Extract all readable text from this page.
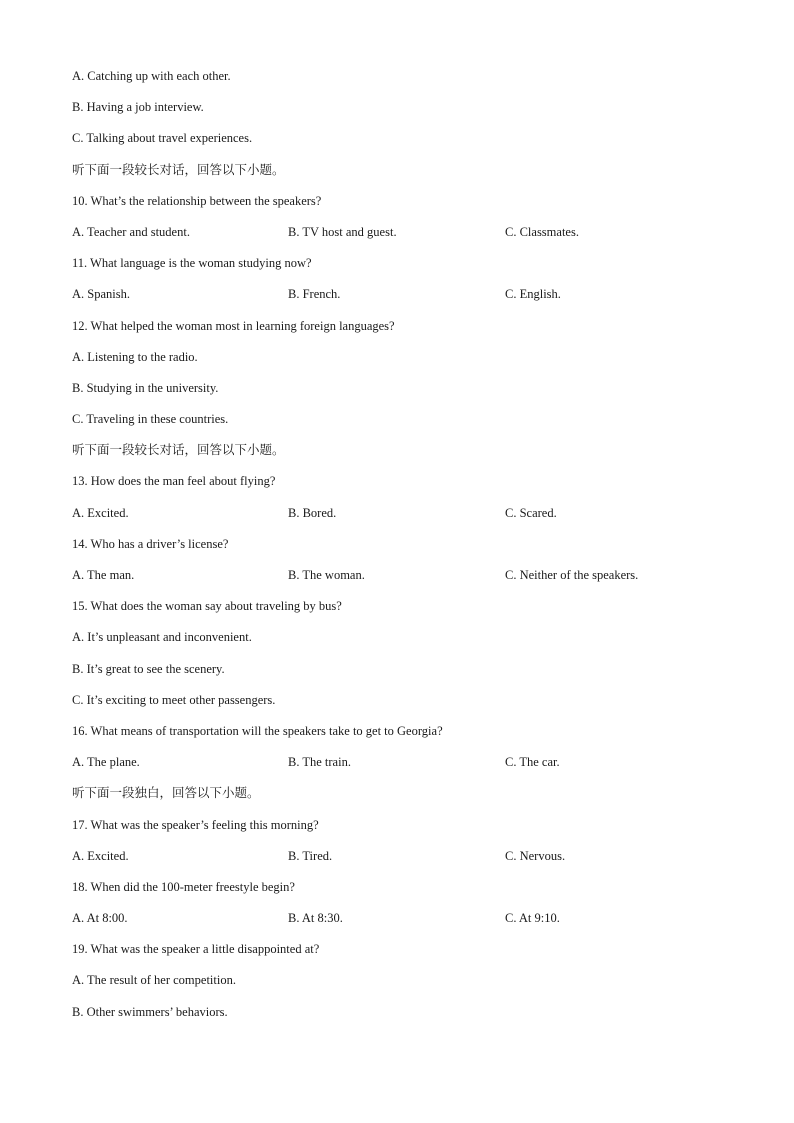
A. Catching up with each other.
B. Having a job interview.
C. Talking about travel experiences.
听下面一段较长对话，回答以下小题。
10. What’s the relationship between the speakers?
A. Teacher and student.	B. TV host and guest.	C. Classmates.
11. What language is the woman studying now?
A. Spanish.	B. French.	C. English.
12. What helped the woman most in learning foreign languages?
A. Listening to the radio.
B. Studying in the university.
C. Traveling in these countries.
听下面一段较长对话，回答以下小题。
13. How does the man feel about flying?
A. Excited.	B. Bored.	C. Scared.
14. Who has a driver’s license?
A. The man.	B. The woman.	C. Neither of the speakers.
15. What does the woman say about traveling by bus?
A. It’s unpleasant and inconvenient.
B. It’s great to see the scenery.
C. It’s exciting to meet other passengers.
16. What means of transportation will the speakers take to get to Georgia?
A. The plane.	B. The train.	C. The car.
听下面一段独白，回答以下小题。
17. What was the speaker’s feeling this morning?
A. Excited.	B. Tired.	C. Nervous.
18. When did the 100-meter freestyle begin?
A. At 8:00.	B. At 8:30.	C. At 9:10.
19. What was the speaker a little disappointed at?
A. The result of her competition.
B. Other swimmers’ behaviors.
